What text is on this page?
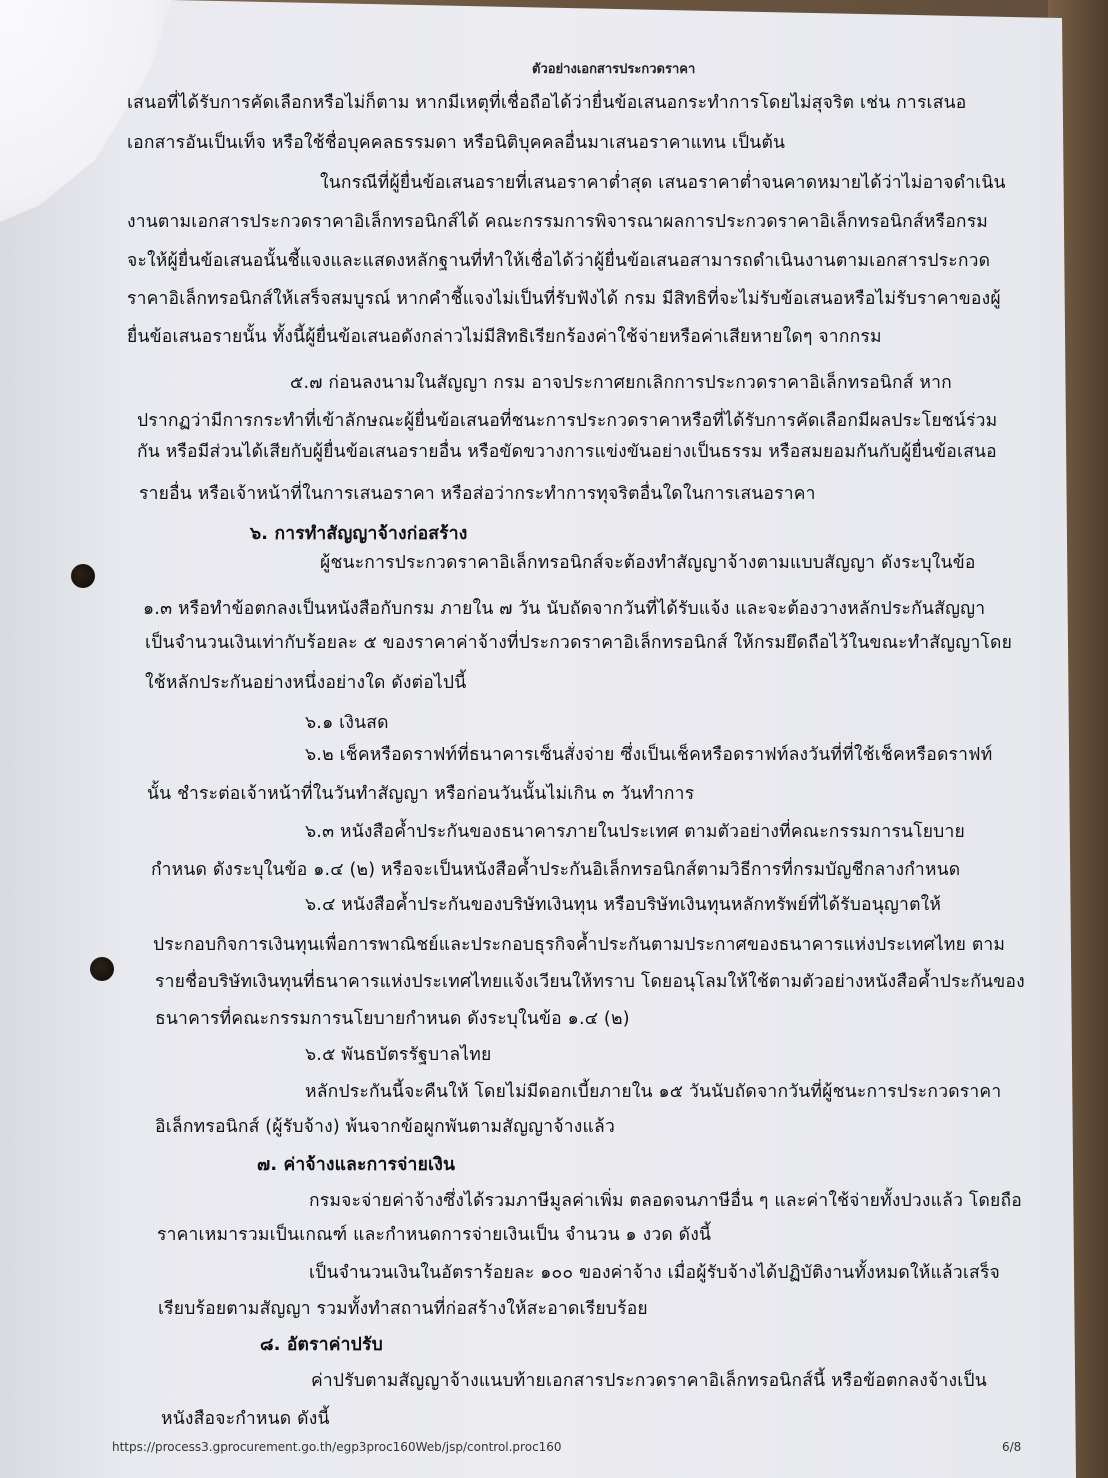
ตัวอย่างเอกสารประกวดราคา
เสนอที่ได้รับการคัดเลือกหรือไม่ก็ตาม หากมีเหตุที่เชื่อถือได้ว่ายื่นข้อเสนอกระทำการโดยไม่สุจริต เช่น การเสนอ
เอกสารอันเป็นเท็จ หรือใช้ชื่อบุคคลธรรมดา หรือนิติบุคคลอื่นมาเสนอราคาแทน เป็นต้น
ในกรณีที่ผู้ยื่นข้อเสนอรายที่เสนอราคาต่ำสุด เสนอราคาต่ำจนคาดหมายได้ว่าไม่อาจดำเนิน
งานตามเอกสารประกวดราคาอิเล็กทรอนิกส์ได้ คณะกรรมการพิจารณาผลการประกวดราคาอิเล็กทรอนิกส์หรือกรม
จะให้ผู้ยื่นข้อเสนอนั้นชี้แจงและแสดงหลักฐานที่ทำให้เชื่อได้ว่าผู้ยื่นข้อเสนอสามารถดำเนินงานตามเอกสารประกวด
ราคาอิเล็กทรอนิกส์ให้เสร็จสมบูรณ์ หากคำชี้แจงไม่เป็นที่รับฟังได้ กรม มีสิทธิที่จะไม่รับข้อเสนอหรือไม่รับราคาของผู้
ยื่นข้อเสนอรายนั้น ทั้งนี้ผู้ยื่นข้อเสนอดังกล่าวไม่มีสิทธิเรียกร้องค่าใช้จ่ายหรือค่าเสียหายใดๆ จากกรม
๕.๗ ก่อนลงนามในสัญญา กรม อาจประกาศยกเลิกการประกวดราคาอิเล็กทรอนิกส์ หาก
ปรากฏว่ามีการกระทำที่เข้าลักษณะผู้ยื่นข้อเสนอที่ชนะการประกวดราคาหรือที่ได้รับการคัดเลือกมีผลประโยชน์ร่วม
กัน หรือมีส่วนได้เสียกับผู้ยื่นข้อเสนอรายอื่น หรือขัดขวางการแข่งขันอย่างเป็นธรรม หรือสมยอมกันกับผู้ยื่นข้อเสนอ
รายอื่น หรือเจ้าหน้าที่ในการเสนอราคา หรือส่อว่ากระทำการทุจริตอื่นใดในการเสนอราคา
๖. การทำสัญญาจ้างก่อสร้าง
ผู้ชนะการประกวดราคาอิเล็กทรอนิกส์จะต้องทำสัญญาจ้างตามแบบสัญญา ดังระบุในข้อ
๑.๓ หรือทำข้อตกลงเป็นหนังสือกับกรม ภายใน ๗ วัน นับถัดจากวันที่ได้รับแจ้ง และจะต้องวางหลักประกันสัญญา
เป็นจำนวนเงินเท่ากับร้อยละ ๕ ของราคาค่าจ้างที่ประกวดราคาอิเล็กทรอนิกส์ ให้กรมยึดถือไว้ในขณะทำสัญญาโดย
ใช้หลักประกันอย่างหนึ่งอย่างใด ดังต่อไปนี้
๖.๑ เงินสด
๖.๒ เช็คหรือดราฟท์ที่ธนาคารเซ็นสั่งจ่าย ซึ่งเป็นเช็คหรือดราฟท์ลงวันที่ที่ใช้เช็คหรือดราฟท์
นั้น ชำระต่อเจ้าหน้าที่ในวันทำสัญญา หรือก่อนวันนั้นไม่เกิน ๓ วันทำการ
๖.๓ หนังสือค้ำประกันของธนาคารภายในประเทศ ตามตัวอย่างที่คณะกรรมการนโยบาย
กำหนด ดังระบุในข้อ ๑.๔ (๒) หรือจะเป็นหนังสือค้ำประกันอิเล็กทรอนิกส์ตามวิธีการที่กรมบัญชีกลางกำหนด
๖.๔ หนังสือค้ำประกันของบริษัทเงินทุน หรือบริษัทเงินทุนหลักทรัพย์ที่ได้รับอนุญาตให้
ประกอบกิจการเงินทุนเพื่อการพาณิชย์และประกอบธุรกิจค้ำประกันตามประกาศของธนาคารแห่งประเทศไทย ตาม
รายชื่อบริษัทเงินทุนที่ธนาคารแห่งประเทศไทยแจ้งเวียนให้ทราบ โดยอนุโลมให้ใช้ตามตัวอย่างหนังสือค้ำประกันของ
ธนาคารที่คณะกรรมการนโยบายกำหนด ดังระบุในข้อ ๑.๔ (๒)
๖.๕ พันธบัตรรัฐบาลไทย
หลักประกันนี้จะคืนให้ โดยไม่มีดอกเบี้ยภายใน ๑๕ วันนับถัดจากวันที่ผู้ชนะการประกวดราคา
อิเล็กทรอนิกส์ (ผู้รับจ้าง) พ้นจากข้อผูกพันตามสัญญาจ้างแล้ว
๗. ค่าจ้างและการจ่ายเงิน
กรมจะจ่ายค่าจ้างซึ่งได้รวมภาษีมูลค่าเพิ่ม ตลอดจนภาษีอื่น ๆ และค่าใช้จ่ายทั้งปวงแล้ว โดยถือ
ราคาเหมารวมเป็นเกณฑ์ และกำหนดการจ่ายเงินเป็น จำนวน ๑ งวด ดังนี้
เป็นจำนวนเงินในอัตราร้อยละ ๑๐๐ ของค่าจ้าง เมื่อผู้รับจ้างได้ปฏิบัติงานทั้งหมดให้แล้วเสร็จ
เรียบร้อยตามสัญญา รวมทั้งทำสถานที่ก่อสร้างให้สะอาดเรียบร้อย
๘. อัตราค่าปรับ
ค่าปรับตามสัญญาจ้างแนบท้ายเอกสารประกวดราคาอิเล็กทรอนิกส์นี้ หรือข้อตกลงจ้างเป็น
หนังสือจะกำหนด ดังนี้
https://process3.gprocurement.go.th/egp3proc160Web/jsp/control.proc160	6/8
